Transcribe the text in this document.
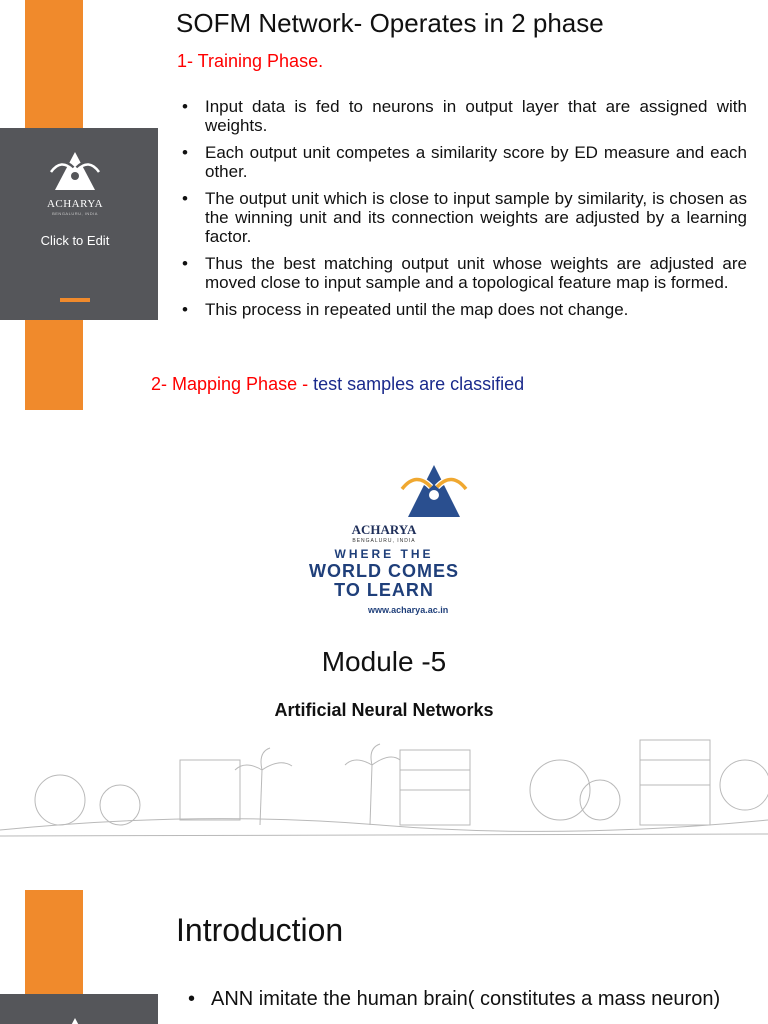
ACHARYA
BENGALURU, INDIA
Click to Edit
SOFM Network- Operates in 2 phase
1- Training Phase.
• Input data is fed to neurons in output layer that are assigned with weights.
• Each output unit competes a similarity score by ED measure and each other.
• The output unit which is close to input sample by similarity, is chosen as the winning unit and its connection weights are adjusted by a learning factor.
• Thus the best matching output unit whose weights are adjusted are moved close to input sample and a topological feature map is formed.
• This process in repeated until the map does not change.
2- Mapping Phase - test samples are classified
ACHARYA
BENGALURU, INDIA
WHERE THE
WORLD COMES
TO LEARN
www.acharya.ac.in
Module -5
Artificial Neural Networks
Introduction
• ANN imitate the human brain( constitutes a mass neuron)
